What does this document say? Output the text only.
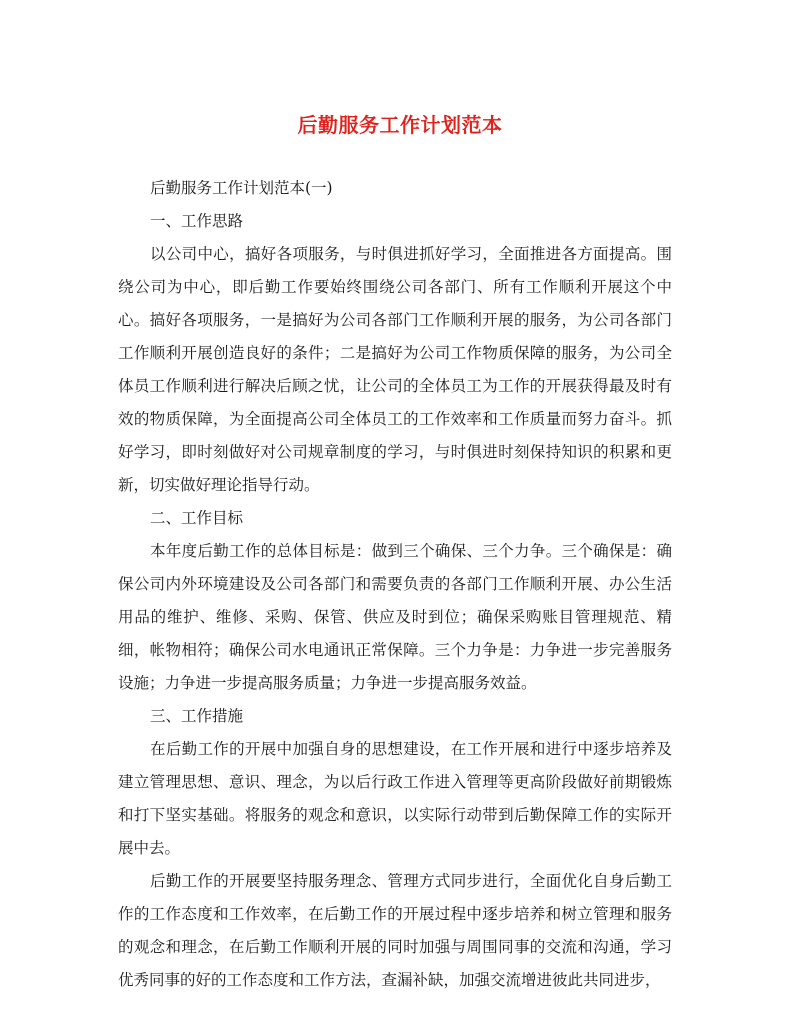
后勤服务工作计划范本

后勤服务工作计划范本(一)

一、工作思路

以公司中心，搞好各项服务，与时俱进抓好学习，全面推进各方面提高。围绕公司为中心，即后勤工作要始终围绕公司各部门、所有工作顺利开展这个中心。搞好各项服务，一是搞好为公司各部门工作顺利开展的服务，为公司各部门工作顺利开展创造良好的条件；二是搞好为公司工作物质保障的服务，为公司全体员工作顺利进行解决后顾之忧，让公司的全体员工为工作的开展获得最及时有效的物质保障，为全面提高公司全体员工的工作效率和工作质量而努力奋斗。抓好学习，即时刻做好对公司规章制度的学习，与时俱进时刻保持知识的积累和更新，切实做好理论指导行动。

二、工作目标

本年度后勤工作的总体目标是：做到三个确保、三个力争。三个确保是：确保公司内外环境建设及公司各部门和需要负责的各部门工作顺利开展、办公生活用品的维护、维修、采购、保管、供应及时到位；确保采购账目管理规范、精细，帐物相符；确保公司水电通讯正常保障。三个力争是：力争进一步完善服务设施；力争进一步提高服务质量；力争进一步提高服务效益。

三、工作措施

在后勤工作的开展中加强自身的思想建设，在工作开展和进行中逐步培养及建立管理思想、意识、理念，为以后行政工作进入管理等更高阶段做好前期锻炼和打下坚实基础。将服务的观念和意识，以实际行动带到后勤保障工作的实际开展中去。

后勤工作的开展要坚持服务理念、管理方式同步进行，全面优化自身后勤工作的工作态度和工作效率，在后勤工作的开展过程中逐步培养和树立管理和服务的观念和理念，在后勤工作顺利开展的同时加强与周围同事的交流和沟通，学习优秀同事的好的工作态度和工作方法，查漏补缺，加强交流增进彼此共同进步，
